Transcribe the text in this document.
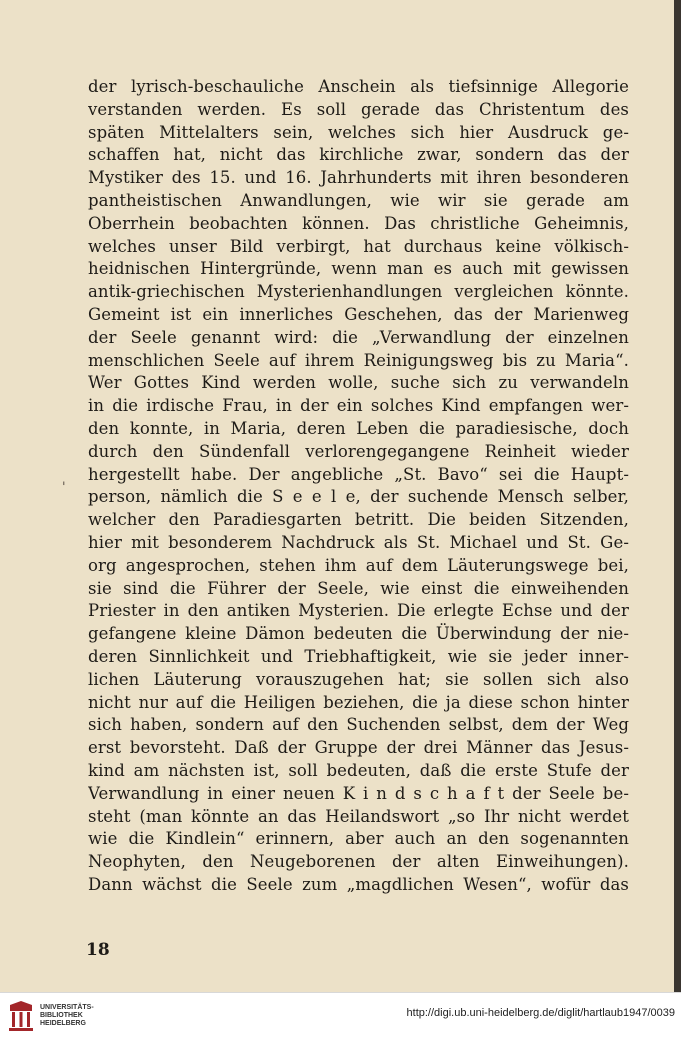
der lyrisch-beschauliche Anschein als tiefsinnige Allegorie
verstanden werden. Es soll gerade das Christentum des
späten Mittelalters sein, welches sich hier Ausdruck ge-
schaffen hat, nicht das kirchliche zwar, sondern das der
Mystiker des 15. und 16. Jahrhunderts mit ihren besonderen
pantheistischen Anwandlungen, wie wir sie gerade am
Oberrhein beobachten können. Das christliche Geheimnis,
welches unser Bild verbirgt, hat durchaus keine völkisch-
heidnischen Hintergründe, wenn man es auch mit gewissen
antik-griechischen Mysterienhandlungen vergleichen könnte.
Gemeint ist ein innerliches Geschehen, das der Marienweg
der Seele genannt wird: die „Verwandlung der einzelnen
menschlichen Seele auf ihrem Reinigungsweg bis zu Maria“.
Wer Gottes Kind werden wolle, suche sich zu verwandeln
in die irdische Frau, in der ein solches Kind empfangen wer-
den konnte, in Maria, deren Leben die paradiesische, doch
durch den Sündenfall verlorengegangene Reinheit wieder
hergestellt habe. Der angebliche „St. Bavo“ sei die Haupt-
person, nämlich die S e e l e, der suchende Mensch selber,
welcher den Paradiesgarten betritt. Die beiden Sitzenden,
hier mit besonderem Nachdruck als St. Michael und St. Ge-
org angesprochen, stehen ihm auf dem Läuterungswege bei,
sie sind die Führer der Seele, wie einst die einweihenden
Priester in den antiken Mysterien. Die erlegte Echse und der
gefangene kleine Dämon bedeuten die Überwindung der nie-
deren Sinnlichkeit und Triebhaftigkeit, wie sie jeder inner-
lichen Läuterung vorauszugehen hat; sie sollen sich also
nicht nur auf die Heiligen beziehen, die ja diese schon hinter
sich haben, sondern auf den Suchenden selbst, dem der Weg
erst bevorsteht. Daß der Gruppe der drei Männer das Jesus-
kind am nächsten ist, soll bedeuten, daß die erste Stufe der
Verwandlung in einer neuen K i n d s c h a f t der Seele be-
steht (man könnte an das Heilandswort „so Ihr nicht werdet
wie die Kindlein“ erinnern, aber auch an den sogenannten
Neophyten, den Neugeborenen der alten Einweihungen).
Dann wächst die Seele zum „magdlichen Wesen“, wofür das
'
18
UNIVERSITÄTS-
BIBLIOTHEK
HEIDELBERG
http://digi.ub.uni-heidelberg.de/diglit/hartlaub1947/0039
